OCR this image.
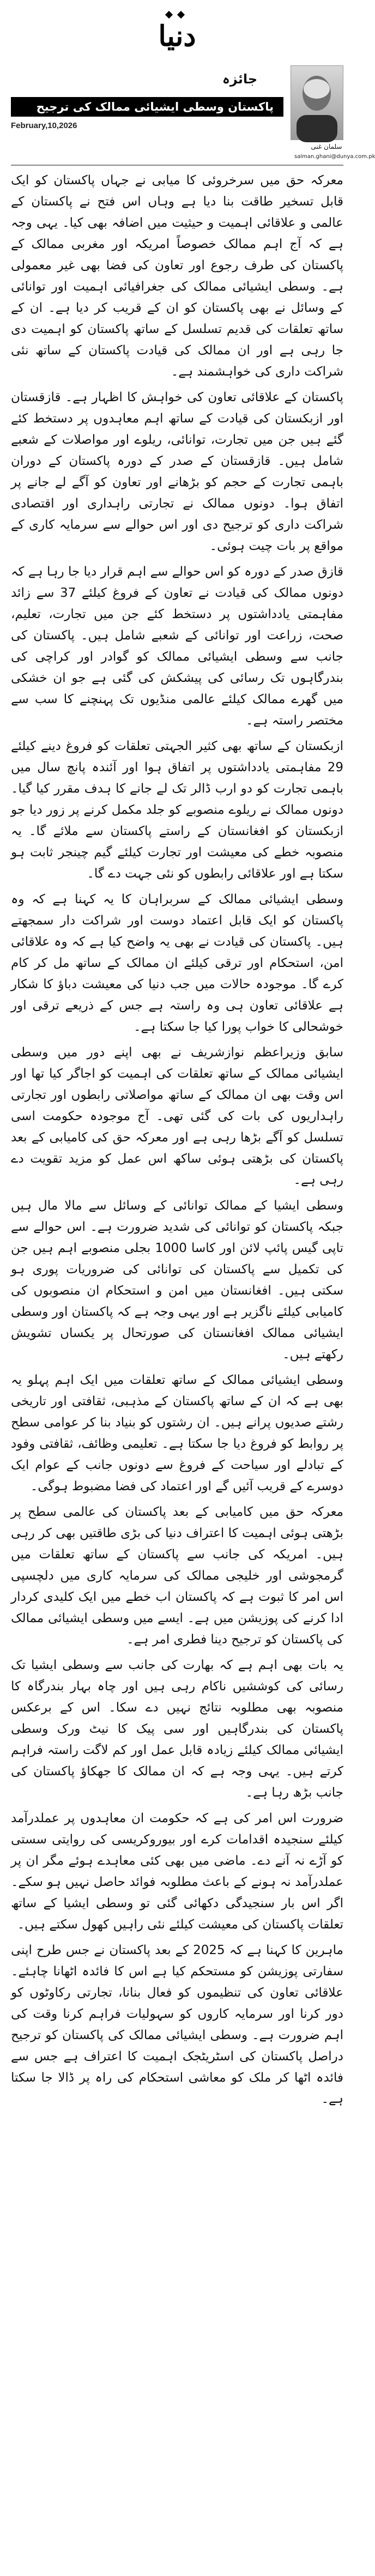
دنیا
جائزہ
پاکستان وسطی ایشیائی ممالک کی ترجیح کیوں؟
February,10,2026
سلمان غنی
salman.ghani@dunya.com.pk

معرکہ حق میں سرخروئی کا میابی نے جہاں پاکستان کو ایک قابل تسخیر طاقت بنا دیا ہے وہاں اس فتح نے پاکستان کے عالمی و علاقائی اہمیت و حیثیت میں اضافہ بھی کیا۔ یہی وجہ ہے کہ آج اہم ممالک خصوصاً امریکہ اور مغربی ممالک کے پاکستان کی طرف رجوع اور تعاون کی فضا بھی غیر معمولی ہے۔ وسطی ایشیائی ممالک کی جغرافیائی اہمیت اور توانائی کے وسائل نے بھی پاکستان کو ان کے قریب کر دیا ہے۔ ان کے ساتھ تعلقات کی قدیم تسلسل کے ساتھ پاکستان کو اہمیت دی جا رہی ہے اور ان ممالک کی قیادت پاکستان کے ساتھ نئی شراکت داری کی خواہشمند ہے۔

پاکستان کے علاقائی تعاون کی خواہش کا اظہار ہے۔ قازقستان اور ازبکستان کی قیادت کے ساتھ اہم معاہدوں پر دستخط کئے گئے ہیں جن میں تجارت، توانائی، ریلوے اور مواصلات کے شعبے شامل ہیں۔ قازقستان کے صدر کے دورہ پاکستان کے دوران باہمی تجارت کے حجم کو بڑھانے اور تعاون کو آگے لے جانے پر اتفاق ہوا۔ دونوں ممالک نے تجارتی راہداری اور اقتصادی شراکت داری کو ترجیح دی اور اس حوالے سے سرمایہ کاری کے مواقع پر بات چیت ہوئی۔

قازق صدر کے دورہ کو اس حوالے سے اہم قرار دیا جا رہا ہے کہ دونوں ممالک کی قیادت نے تعاون کے فروغ کیلئے 37 سے زائد مفاہمتی یادداشتوں پر دستخط کئے جن میں تجارت، تعلیم، صحت، زراعت اور توانائی کے شعبے شامل ہیں۔ پاکستان کی جانب سے وسطی ایشیائی ممالک کو گوادر اور کراچی کی بندرگاہوں تک رسائی کی پیشکش کی گئی ہے جو ان خشکی میں گھرے ممالک کیلئے عالمی منڈیوں تک پہنچنے کا سب سے مختصر راستہ ہے۔

ازبکستان کے ساتھ بھی کثیر الجہتی تعلقات کو فروغ دینے کیلئے 29 مفاہمتی یادداشتوں پر اتفاق ہوا اور آئندہ پانچ سال میں باہمی تجارت کو دو ارب ڈالر تک لے جانے کا ہدف مقرر کیا گیا۔ دونوں ممالک نے ریلوے منصوبے کو جلد مکمل کرنے پر زور دیا جو ازبکستان کو افغانستان کے راستے پاکستان سے ملائے گا۔ یہ منصوبہ خطے کی معیشت اور تجارت کیلئے گیم چینجر ثابت ہو سکتا ہے اور علاقائی رابطوں کو نئی جہت دے گا۔

وسطی ایشیائی ممالک کے سربراہان کا یہ کہنا ہے کہ وہ پاکستان کو ایک قابل اعتماد دوست اور شراکت دار سمجھتے ہیں۔ پاکستان کی قیادت نے بھی یہ واضح کیا ہے کہ وہ علاقائی امن، استحکام اور ترقی کیلئے ان ممالک کے ساتھ مل کر کام کرے گا۔ موجودہ حالات میں جب دنیا کی معیشت دباؤ کا شکار ہے علاقائی تعاون ہی وہ راستہ ہے جس کے ذریعے ترقی اور خوشحالی کا خواب پورا کیا جا سکتا ہے۔

سابق وزیراعظم نوازشریف نے بھی اپنے دور میں وسطی ایشیائی ممالک کے ساتھ تعلقات کی اہمیت کو اجاگر کیا تھا اور اس وقت بھی ان ممالک کے ساتھ مواصلاتی رابطوں اور تجارتی راہداریوں کی بات کی گئی تھی۔ آج موجودہ حکومت اسی تسلسل کو آگے بڑھا رہی ہے اور معرکہ حق کی کامیابی کے بعد پاکستان کی بڑھتی ہوئی ساکھ اس عمل کو مزید تقویت دے رہی ہے۔

وسطی ایشیا کے ممالک توانائی کے وسائل سے مالا مال ہیں جبکہ پاکستان کو توانائی کی شدید ضرورت ہے۔ اس حوالے سے تاپی گیس پائپ لائن اور کاسا 1000 بجلی منصوبے اہم ہیں جن کی تکمیل سے پاکستان کی توانائی کی ضروریات پوری ہو سکتی ہیں۔ افغانستان میں امن و استحکام ان منصوبوں کی کامیابی کیلئے ناگزیر ہے اور یہی وجہ ہے کہ پاکستان اور وسطی ایشیائی ممالک افغانستان کی صورتحال پر یکساں تشویش رکھتے ہیں۔

وسطی ایشیائی ممالک کے ساتھ تعلقات میں ایک اہم پہلو یہ بھی ہے کہ ان کے ساتھ پاکستان کے مذہبی، ثقافتی اور تاریخی رشتے صدیوں پرانے ہیں۔ ان رشتوں کو بنیاد بنا کر عوامی سطح پر روابط کو فروغ دیا جا سکتا ہے۔ تعلیمی وظائف، ثقافتی وفود کے تبادلے اور سیاحت کے فروغ سے دونوں جانب کے عوام ایک دوسرے کے قریب آئیں گے اور اعتماد کی فضا مضبوط ہوگی۔

معرکہ حق میں کامیابی کے بعد پاکستان کی عالمی سطح پر بڑھتی ہوئی اہمیت کا اعتراف دنیا کی بڑی طاقتیں بھی کر رہی ہیں۔ امریکہ کی جانب سے پاکستان کے ساتھ تعلقات میں گرمجوشی اور خلیجی ممالک کی سرمایہ کاری میں دلچسپی اس امر کا ثبوت ہے کہ پاکستان اب خطے میں ایک کلیدی کردار ادا کرنے کی پوزیشن میں ہے۔ ایسے میں وسطی ایشیائی ممالک کی پاکستان کو ترجیح دینا فطری امر ہے۔

یہ بات بھی اہم ہے کہ بھارت کی جانب سے وسطی ایشیا تک رسائی کی کوششیں ناکام رہی ہیں اور چاہ بہار بندرگاہ کا منصوبہ بھی مطلوبہ نتائج نہیں دے سکا۔ اس کے برعکس پاکستان کی بندرگاہیں اور سی پیک کا نیٹ ورک وسطی ایشیائی ممالک کیلئے زیادہ قابل عمل اور کم لاگت راستہ فراہم کرتے ہیں۔ یہی وجہ ہے کہ ان ممالک کا جھکاؤ پاکستان کی جانب بڑھ رہا ہے۔

ضرورت اس امر کی ہے کہ حکومت ان معاہدوں پر عملدرآمد کیلئے سنجیدہ اقدامات کرے اور بیوروکریسی کی روایتی سستی کو آڑے نہ آنے دے۔ ماضی میں بھی کئی معاہدے ہوئے مگر ان پر عملدرآمد نہ ہونے کے باعث مطلوبہ فوائد حاصل نہیں ہو سکے۔ اگر اس بار سنجیدگی دکھائی گئی تو وسطی ایشیا کے ساتھ تعلقات پاکستان کی معیشت کیلئے نئی راہیں کھول سکتے ہیں۔

ماہرین کا کہنا ہے کہ 2025 کے بعد پاکستان نے جس طرح اپنی سفارتی پوزیشن کو مستحکم کیا ہے اس کا فائدہ اٹھانا چاہئے۔ علاقائی تعاون کی تنظیموں کو فعال بنانا، تجارتی رکاوٹوں کو دور کرنا اور سرمایہ کاروں کو سہولیات فراہم کرنا وقت کی اہم ضرورت ہے۔ وسطی ایشیائی ممالک کی پاکستان کو ترجیح دراصل پاکستان کی اسٹریٹجک اہمیت کا اعتراف ہے جس سے فائدہ اٹھا کر ملک کو معاشی استحکام کی راہ پر ڈالا جا سکتا ہے۔
